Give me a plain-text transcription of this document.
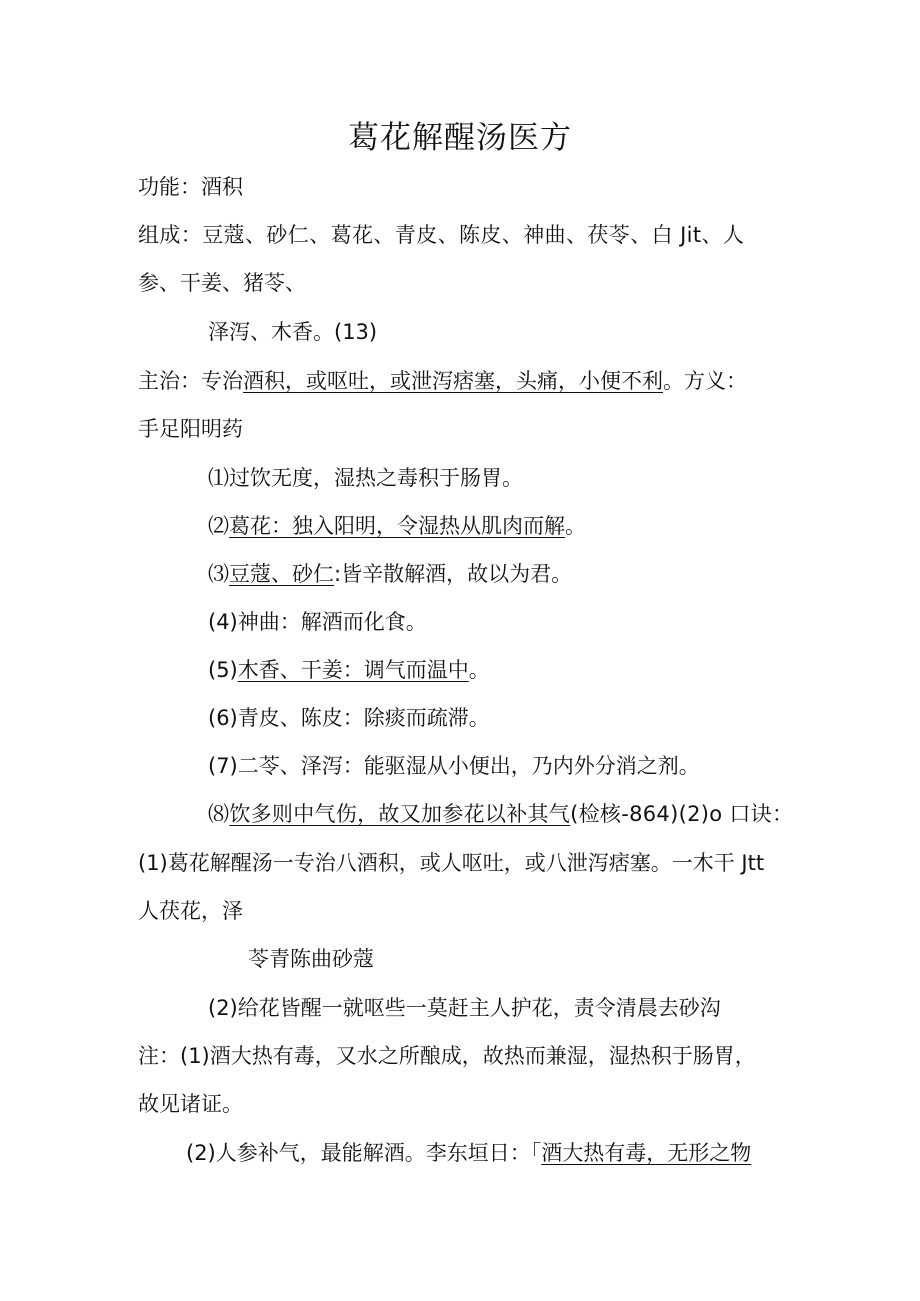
葛花解醒汤医方
功能：酒积
组成：豆蔻、砂仁、葛花、青皮、陈皮、神曲、茯苓、白 Jit、人
参、干姜、猪苓、
泽泻、木香。(13)
主治：专治酒积，或呕吐，或泄泻痞塞，头痛，小便不利。方义：
手足阳明药
⑴过饮无度，湿热之毒积于肠胃。
⑵葛花：独入阳明，令湿热从肌肉而解。
⑶豆蔻、砂仁:皆辛散解酒，故以为君。
(4)神曲：解酒而化食。
(5)木香、干姜：调气而温中。
(6)青皮、陈皮：除痰而疏滞。
(7)二苓、泽泻：能驱湿从小便出，乃内外分消之剂。
⑻饮多则中气伤，故又加参花以补其气(检核-864)(2)o 口诀：
(1)葛花解醒汤一专治八酒积，或人呕吐，或八泄泻痞塞。一木干 Jtt
人茯花，泽
苓青陈曲砂蔻
(2)给花皆醒一就呕些一莫赶主人护花，责令清晨去砂沟
注：(1)酒大热有毒，又水之所酿成，故热而兼湿，湿热积于肠胃，
故见诸证。
(2)人参补气，最能解酒。李东垣日：「酒大热有毒，无形之物
